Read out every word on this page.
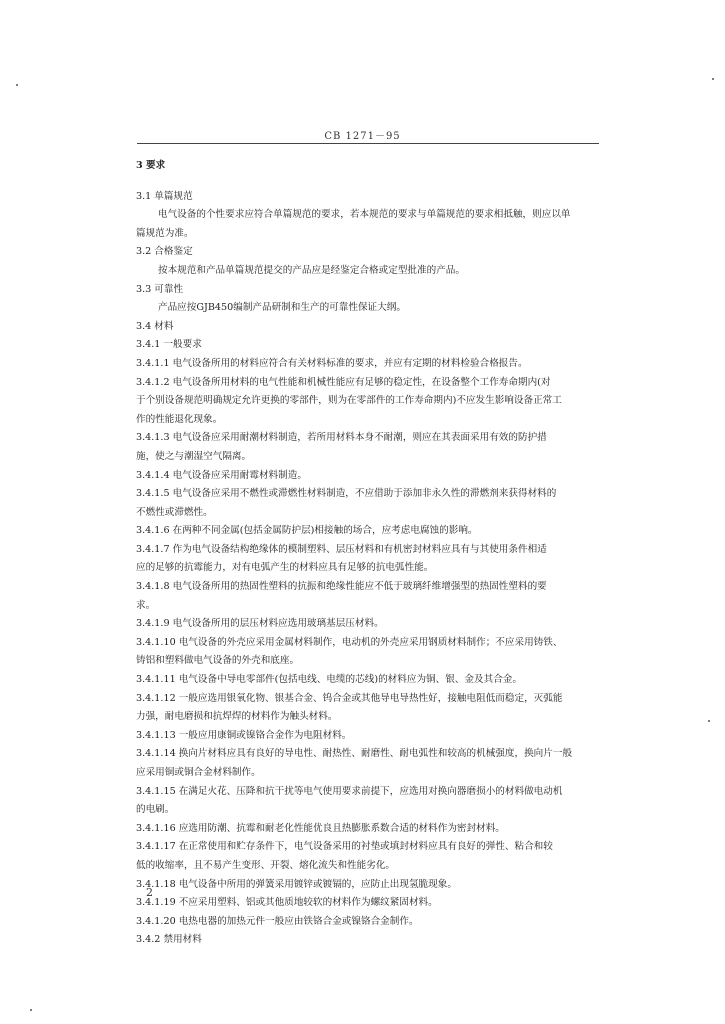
CB 1271－95
3 要求
3.1 单篇规范
电气设备的个性要求应符合单篇规范的要求，若本规范的要求与单篇规范的要求相抵触，则应以单
篇规范为准。
3.2 合格鉴定
按本规范和产品单篇规范提交的产品应是经鉴定合格或定型批准的产品。
3.3 可靠性
产品应按GJB450编制产品研制和生产的可靠性保证大纲。
3.4 材料
3.4.1 一般要求
3.4.1.1 电气设备所用的材料应符合有关材料标准的要求，并应有定期的材料检验合格报告。
3.4.1.2 电气设备所用材料的电气性能和机械性能应有足够的稳定性，在设备整个工作寿命期内(对
于个别设备规范明确规定允许更换的零部件，则为在零部件的工作寿命期内)不应发生影响设备正常工
作的性能退化现象。
3.4.1.3 电气设备应采用耐潮材料制造，若所用材料本身不耐潮，则应在其表面采用有效的防护措
施，使之与潮湿空气隔离。
3.4.1.4 电气设备应采用耐霉材料制造。
3.4.1.5 电气设备应采用不燃性或滞燃性材料制造，不应借助于添加非永久性的滞燃剂来获得材料的
不燃性或滞燃性。
3.4.1.6 在两种不同金属(包括金属防护层)相接触的场合，应考虑电腐蚀的影响。
3.4.1.7 作为电气设备结构绝缘体的模制塑料、层压材料和有机密封材料应具有与其使用条件相适
应的足够的抗霉能力，对有电弧产生的材料应具有足够的抗电弧性能。
3.4.1.8 电气设备所用的热固性塑料的抗振和绝缘性能应不低于玻璃纤维增强型的热固性塑料的要
求。
3.4.1.9 电气设备所用的层压材料应选用玻璃基层压材料。
3.4.1.10 电气设备的外壳应采用金属材料制作，电动机的外壳应采用钢质材料制作；不应采用铸铁、
铸铝和塑料做电气设备的外壳和底座。
3.4.1.11 电气设备中导电零部件(包括电线、电缆的芯线)的材料应为铜、银、金及其合金。
3.4.1.12 一般应选用银氧化物、银基合金、钨合金或其他导电导热性好，接触电阻低而稳定，灭弧能
力强，耐电磨损和抗焊焊的材料作为触头材料。
3.4.1.13 一般应用康铜或镍铬合金作为电阻材料。
3.4.1.14 换向片材料应具有良好的导电性、耐热性、耐磨性、耐电弧性和较高的机械强度，换向片一般
应采用铜或铜合金材料制作。
3.4.1.15 在满足火花、压降和抗干扰等电气使用要求前提下，应选用对换向器磨损小的材料做电动机
的电刷。
3.4.1.16 应选用防潮、抗霉和耐老化性能优良且热膨胀系数合适的材料作为密封材料。
3.4.1.17 在正常使用和贮存条件下，电气设备采用的衬垫或填封材料应具有良好的弹性、粘合和较
低的收缩率，且不易产生变形、开裂、熔化流失和性能劣化。
3.4.1.18 电气设备中所用的弹簧采用镀锌或镀镉的，应防止出现氢脆现象。
3.4.1.19 不应采用塑料、铝或其他质地较软的材料作为螺纹紧固材料。
3.4.1.20 电热电器的加热元件一般应由铁铬合金或镍铬合金制作。
3.4.2 禁用材料
2
